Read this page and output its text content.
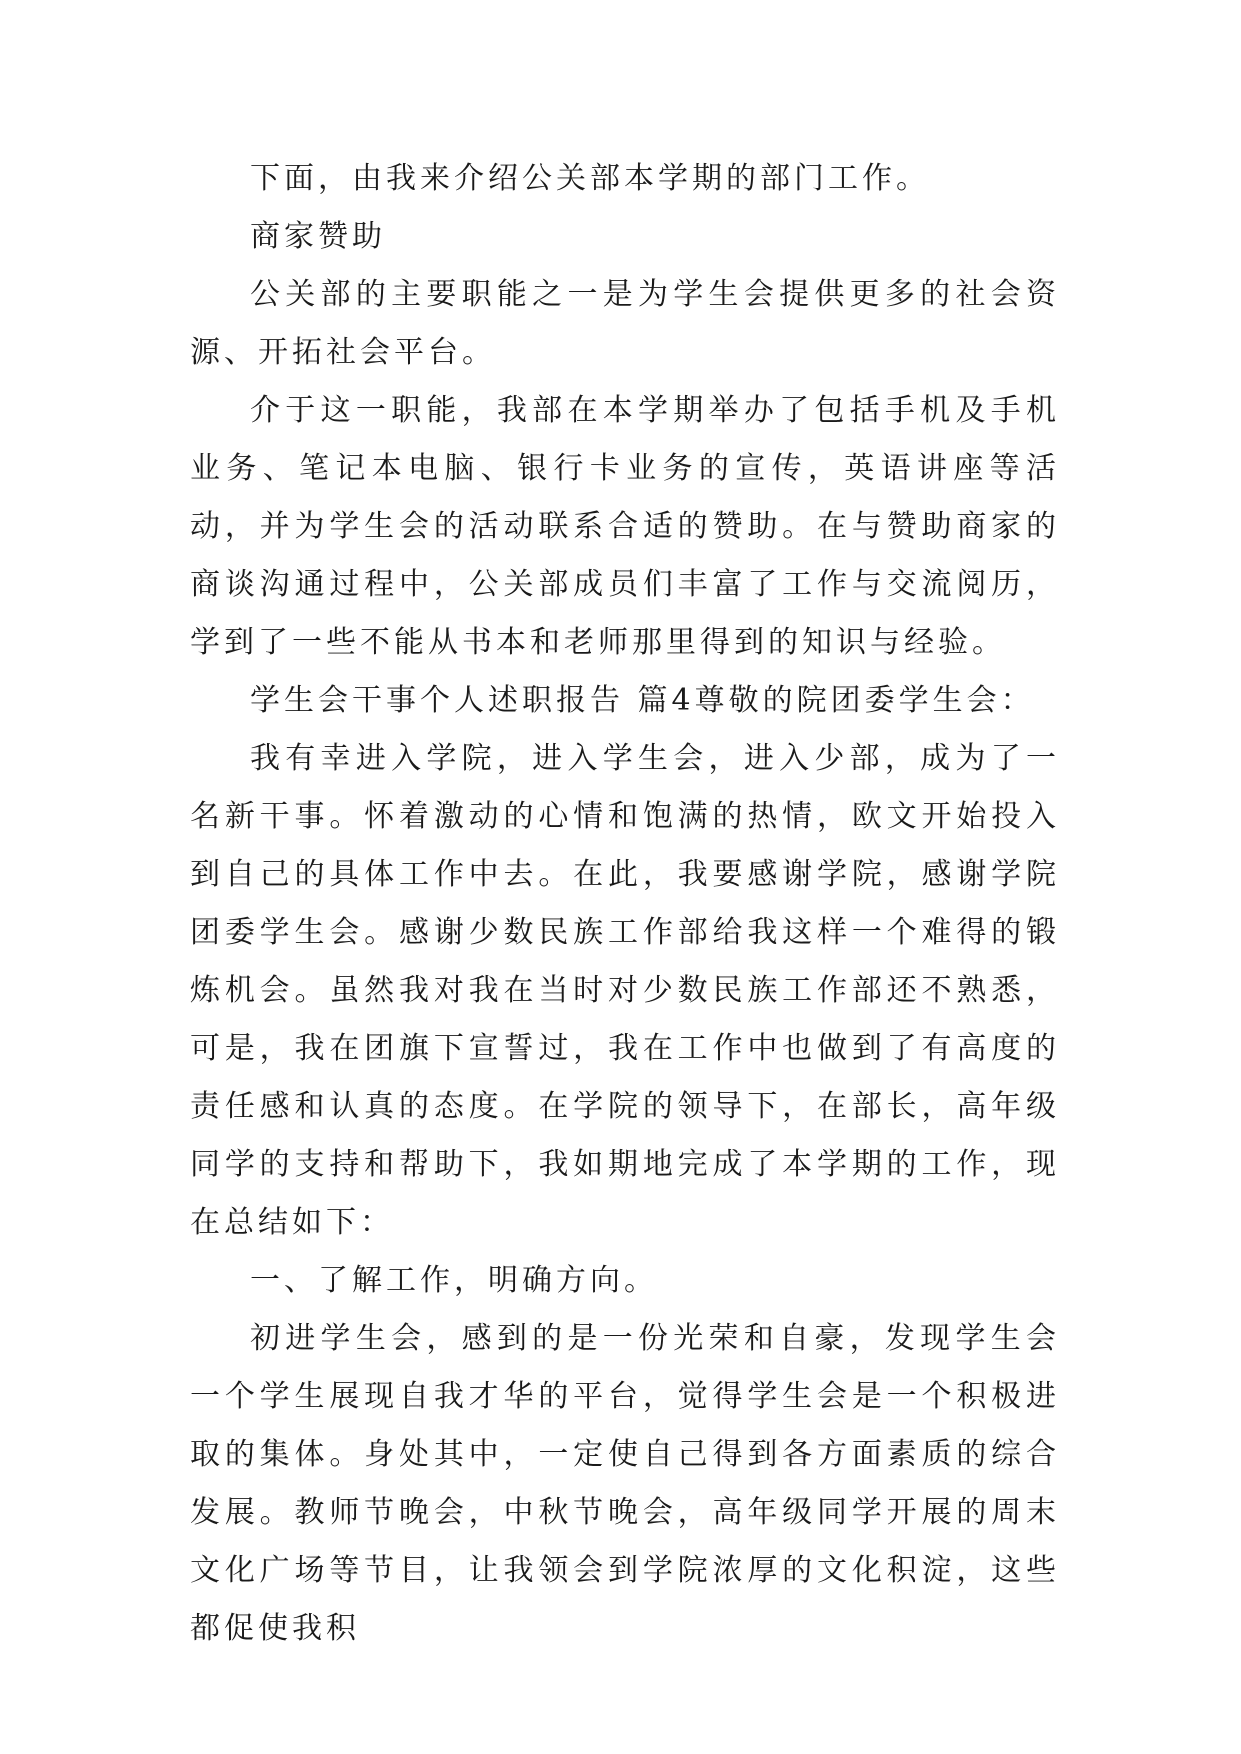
下面，由我来介绍公关部本学期的部门工作。

商家赞助

公关部的主要职能之一是为学生会提供更多的社会资源、开拓社会平台。

介于这一职能，我部在本学期举办了包括手机及手机业务、笔记本电脑、银行卡业务的宣传，英语讲座等活动，并为学生会的活动联系合适的赞助。在与赞助商家的商谈沟通过程中，公关部成员们丰富了工作与交流阅历，学到了一些不能从书本和老师那里得到的知识与经验。

学生会干事个人述职报告 篇4尊敬的院团委学生会：

我有幸进入学院，进入学生会，进入少部，成为了一名新干事。怀着激动的心情和饱满的热情，欧文开始投入到自己的具体工作中去。在此，我要感谢学院，感谢学院团委学生会。感谢少数民族工作部给我这样一个难得的锻炼机会。虽然我对我在当时对少数民族工作部还不熟悉，可是，我在团旗下宣誓过，我在工作中也做到了有高度的责任感和认真的态度。在学院的领导下，在部长，高年级同学的支持和帮助下，我如期地完成了本学期的工作，现在总结如下：

一、了解工作，明确方向。

初进学生会，感到的是一份光荣和自豪，发现学生会一个学生展现自我才华的平台，觉得学生会是一个积极进取的集体。身处其中，一定使自己得到各方面素质的综合发展。教师节晚会，中秋节晚会，高年级同学开展的周末文化广场等节目，让我领会到学院浓厚的文化积淀，这些都促使我积
